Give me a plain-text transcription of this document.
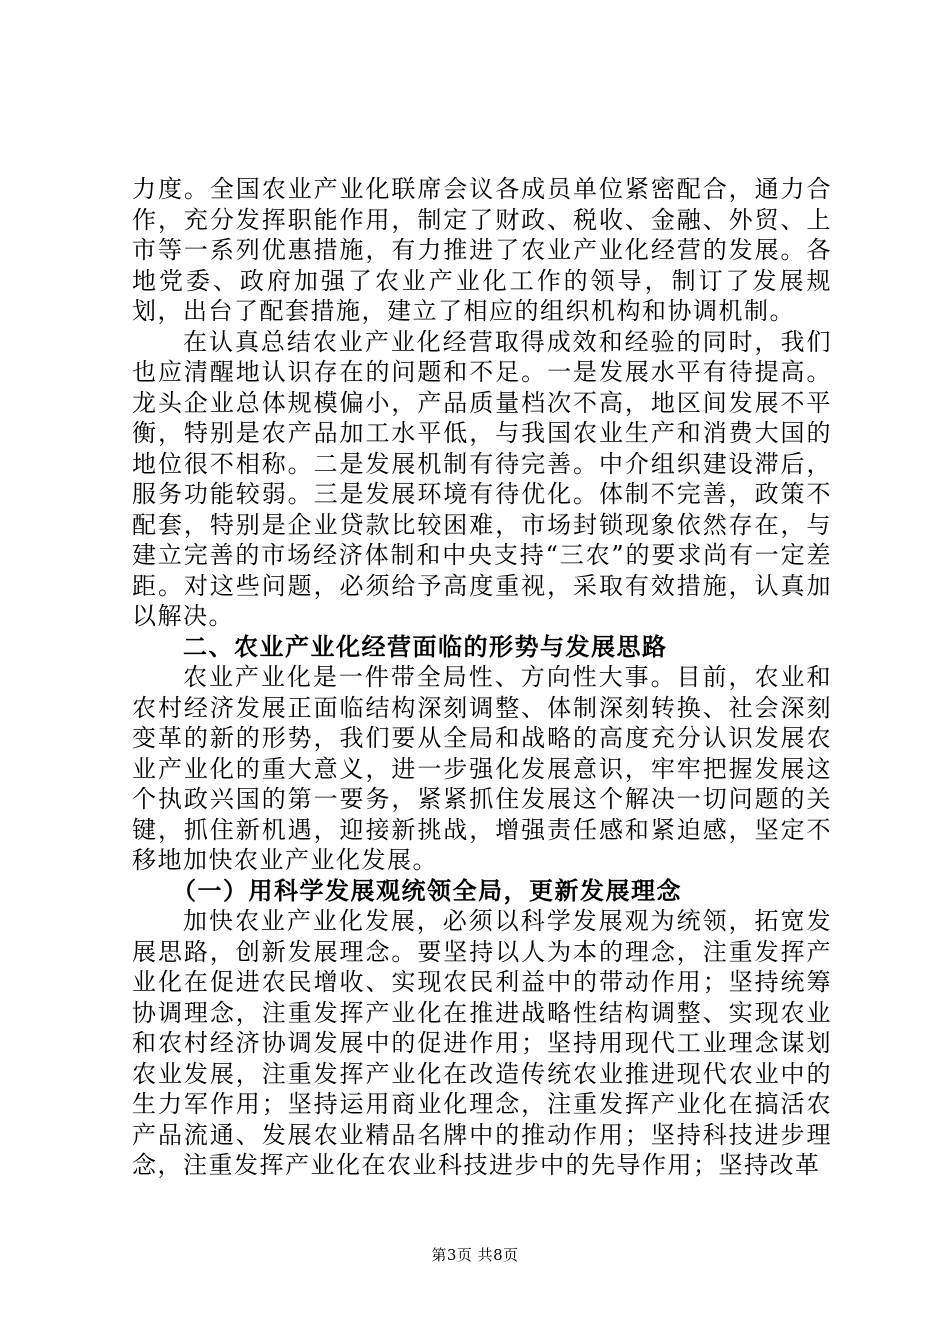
力度。全国农业产业化联席会议各成员单位紧密配合，通力合作，充分发挥职能作用，制定了财政、税收、金融、外贸、上市等一系列优惠措施，有力推进了农业产业化经营的发展。各地党委、政府加强了农业产业化工作的领导，制订了发展规划，出台了配套措施，建立了相应的组织机构和协调机制。

在认真总结农业产业化经营取得成效和经验的同时，我们也应清醒地认识存在的问题和不足。一是发展水平有待提高。龙头企业总体规模偏小，产品质量档次不高，地区间发展不平衡，特别是农产品加工水平低，与我国农业生产和消费大国的地位很不相称。二是发展机制有待完善。中介组织建设滞后，服务功能较弱。三是发展环境有待优化。体制不完善，政策不配套，特别是企业贷款比较困难，市场封锁现象依然存在，与建立完善的市场经济体制和中央支持“三农”的要求尚有一定差距。对这些问题，必须给予高度重视，采取有效措施，认真加以解决。

二、农业产业化经营面临的形势与发展思路

农业产业化是一件带全局性、方向性大事。目前，农业和农村经济发展正面临结构深刻调整、体制深刻转换、社会深刻变革的新的形势，我们要从全局和战略的高度充分认识发展农业产业化的重大意义，进一步强化发展意识，牢牢把握发展这个执政兴国的第一要务，紧紧抓住发展这个解决一切问题的关键，抓住新机遇，迎接新挑战，增强责任感和紧迫感，坚定不移地加快农业产业化发展。

（一）用科学发展观统领全局，更新发展理念

加快农业产业化发展，必须以科学发展观为统领，拓宽发展思路，创新发展理念。要坚持以人为本的理念，注重发挥产业化在促进农民增收、实现农民利益中的带动作用；坚持统筹协调理念，注重发挥产业化在推进战略性结构调整、实现农业和农村经济协调发展中的促进作用；坚持用现代工业理念谋划农业发展，注重发挥产业化在改造传统农业推进现代农业中的生力军作用；坚持运用商业化理念，注重发挥产业化在搞活农产品流通、发展农业精品名牌中的推动作用；坚持科技进步理念，注重发挥产业化在农业科技进步中的先导作用；坚持改革

第3页 共8页
